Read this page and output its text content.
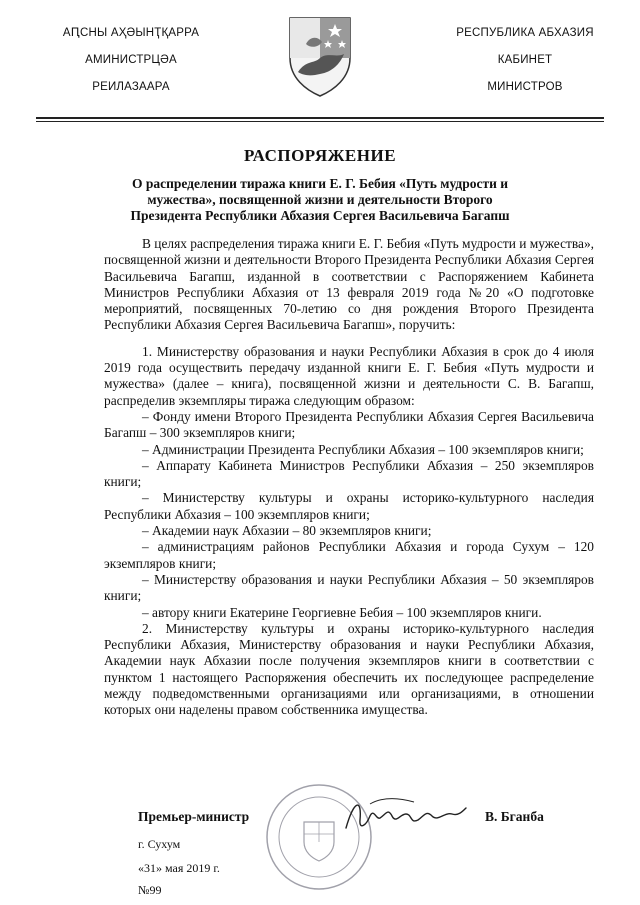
АԤСНЫ АҲӘЫНҬҚАРРА
АМИНИСТРЦӘА
РЕИЛАЗААРА
РЕСПУБЛИКА АБХАЗИЯ
КАБИНЕТ
МИНИСТРОВ
РАСПОРЯЖЕНИЕ
О распределении тиража книги Е. Г. Бебия «Путь мудрости и мужества», посвященной жизни и деятельности Второго Президента Республики Абхазия Сергея Васильевича Багапш

В целях распределения тиража книги Е. Г. Бебия «Путь мудрости и мужества», посвященной жизни и деятельности Второго Президента Республики Абхазия Сергея Васильевича Багапш, изданной в соответствии с Распоряжением Кабинета Министров Республики Абхазия от 13 февраля 2019 года №20 «О подготовке мероприятий, посвященных 70-летию со дня рождения Второго Президента Республики Абхазия Сергея Васильевича Багапш», поручить:

1. Министерству образования и науки Республики Абхазия в срок до 4 июля 2019 года осуществить передачу изданной книги Е. Г. Бебия «Путь мудрости и мужества» (далее – книга), посвященной жизни и деятельности С. В. Багапш, распределив экземпляры тиража следующим образом:

– Фонду имени Второго Президента Республики Абхазия Сергея Васильевича Багапш – 300 экземпляров книги;

– Администрации Президента Республики Абхазия – 100 экземпляров книги;

– Аппарату Кабинета Министров Республики Абхазия – 250 экземпляров книги;

– Министерству культуры и охраны историко-культурного наследия Республики Абхазия – 100 экземпляров книги;

– Академии наук Абхазии – 80 экземпляров книги;

– администрациям районов Республики Абхазия и города Сухум – 120 экземпляров книги;

– Министерству образования и науки Республики Абхазия – 50 экземпляров книги;

– автору книги Екатерине Георгиевне Бебия – 100 экземпляров книги.

2. Министерству культуры и охраны историко-культурного наследия Республики Абхазия, Министерству образования и науки Республики Абхазия, Академии наук Абхазии после получения экземпляров книги в соответствии с пунктом 1 настоящего Распоряжения обеспечить их последующее распределение между подведомственными организациями или организациями, в отношении которых они наделены правом собственника имущества.

Премьер-министр	В. Бганба
г. Сухум
«31» мая 2019 г.
№99
